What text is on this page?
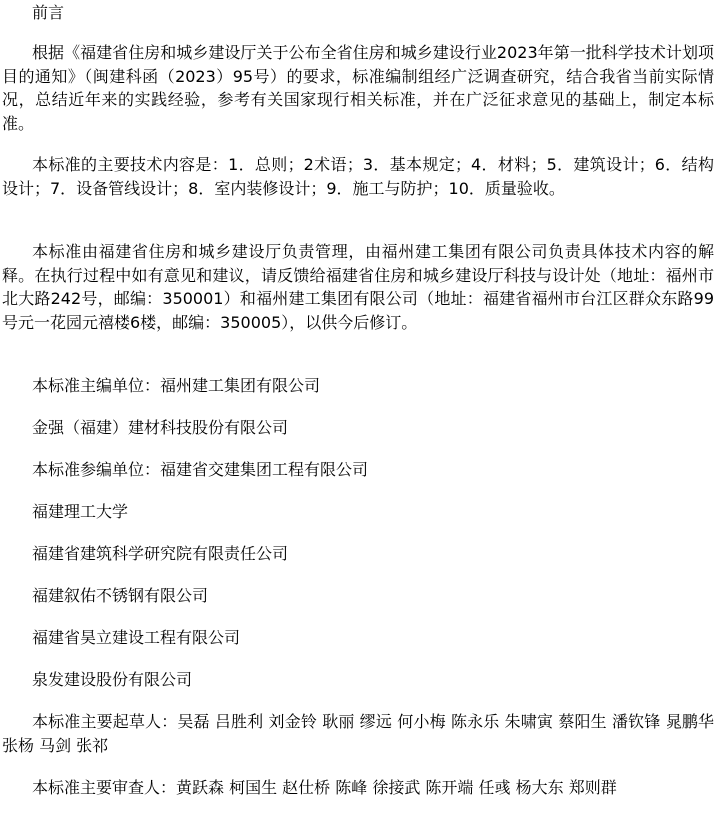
前言

根据《福建省住房和城乡建设厅关于公布全省住房和城乡建设行业2023年第一批科学技术计划项目的通知》（闽建科函（2023）95号）的要求，标准编制组经广泛调查研究，结合我省当前实际情况，总结近年来的实践经验，参考有关国家现行相关标准，并在广泛征求意见的基础上，制定本标准。

本标准的主要技术内容是：1．总则；2术语；3．基本规定；4．材料；5．建筑设计；6．结构设计；7．设备管线设计；8．室内装修设计；9．施工与防护；10．质量验收。

本标准由福建省住房和城乡建设厅负责管理，由福州建工集团有限公司负责具体技术内容的解释。在执行过程中如有意见和建议，请反馈给福建省住房和城乡建设厅科技与设计处（地址：福州市北大路242号，邮编：350001）和福州建工集团有限公司（地址：福建省福州市台江区群众东路99号元一花园元禧楼6楼，邮编：350005），以供今后修订。

本标准主编单位：福州建工集团有限公司

金强（福建）建材科技股份有限公司

本标准参编单位：福建省交建集团工程有限公司

福建理工大学

福建省建筑科学研究院有限责任公司

福建叙佑不锈钢有限公司

福建省昊立建设工程有限公司

泉发建设股份有限公司

本标准主要起草人：吴磊 吕胜利 刘金铃 耿丽 缪远 何小梅 陈永乐 朱啸寅 蔡阳生 潘钦锋 晁鹏华 张杨 马剑 张祁

本标准主要审查人：黄跃森 柯国生 赵仕桥 陈峰 徐接武 陈开端 任彧 杨大东 郑则群
